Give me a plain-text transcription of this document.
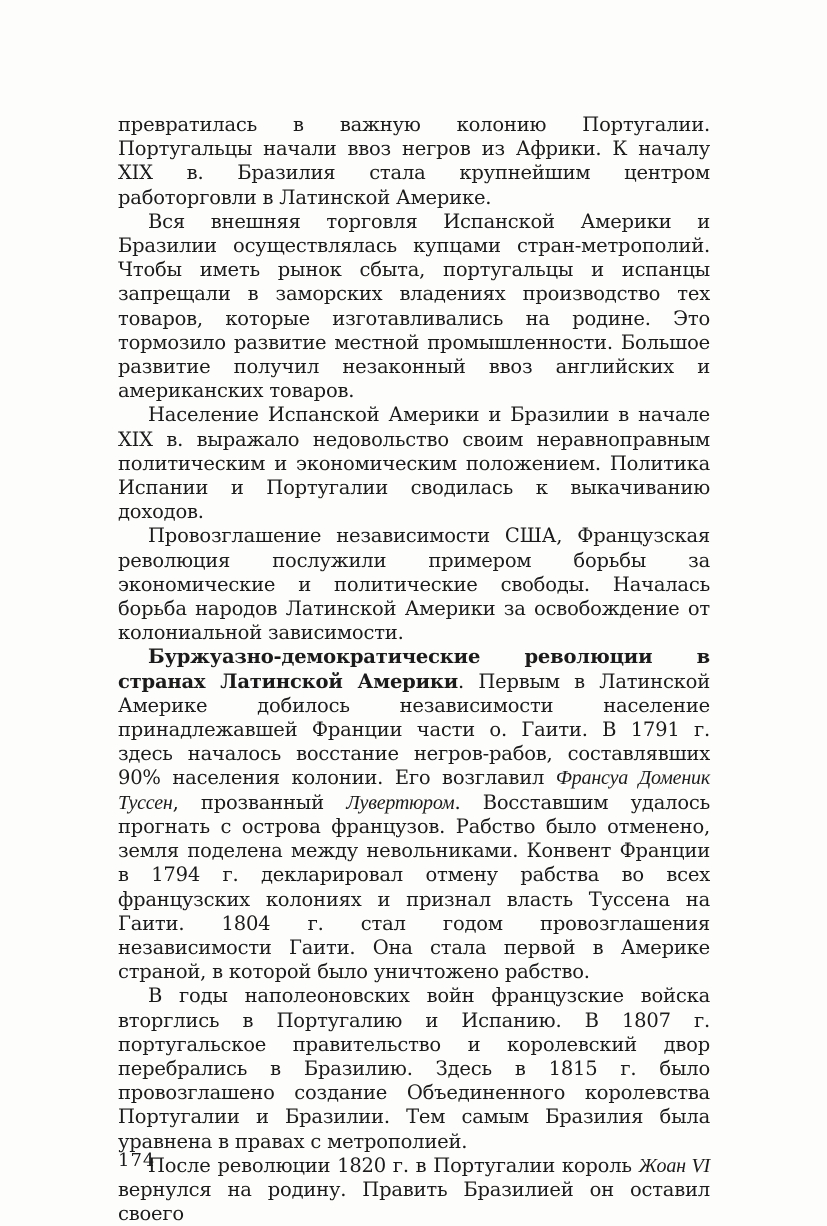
превратилась в важную колонию Португалии. Португальцы начали ввоз негров из Африки. К началу XIX в. Бразилия стала крупнейшим центром работорговли в Латинской Америке.

Вся внешняя торговля Испанской Америки и Бразилии осуществлялась купцами стран-метрополий. Чтобы иметь рынок сбыта, португальцы и испанцы запрещали в заморских владениях производство тех товаров, которые изготавливались на родине. Это тормозило развитие местной промышленности. Большое развитие получил незаконный ввоз английских и американских товаров.

Население Испанской Америки и Бразилии в начале XIX в. выражало недовольство своим неравноправным политическим и экономическим положением. Политика Испании и Португалии сводилась к выкачиванию доходов.

Провозглашение независимости США, Французская революция послужили примером борьбы за экономические и политические свободы. Началась борьба народов Латинской Америки за освобождение от колониальной зависимости.

Буржуазно-демократические революции в странах Латинской Америки. Первым в Латинской Америке добилось независимости население принадлежавшей Франции части о. Гаити. В 1791 г. здесь началось восстание негров-рабов, составлявших 90% населения колонии. Его возглавил Франсуа Доменик Туссен, прозванный Лувертюром. Восставшим удалось прогнать с острова французов. Рабство было отменено, земля поделена между невольниками. Конвент Франции в 1794 г. декларировал отмену рабства во всех французских колониях и признал власть Туссена на Гаити. 1804 г. стал годом провозглашения независимости Гаити. Она стала первой в Америке страной, в которой было уничтожено рабство.

В годы наполеоновских войн французские войска вторглись в Португалию и Испанию. В 1807 г. португальское правительство и королевский двор перебрались в Бразилию. Здесь в 1815 г. было провозглашено создание Объединенного королевства Португалии и Бразилии. Тем самым Бразилия была уравнена в правах с метрополией.

После революции 1820 г. в Португалии король Жоан VI вернулся на родину. Править Бразилией он оставил своего

174
